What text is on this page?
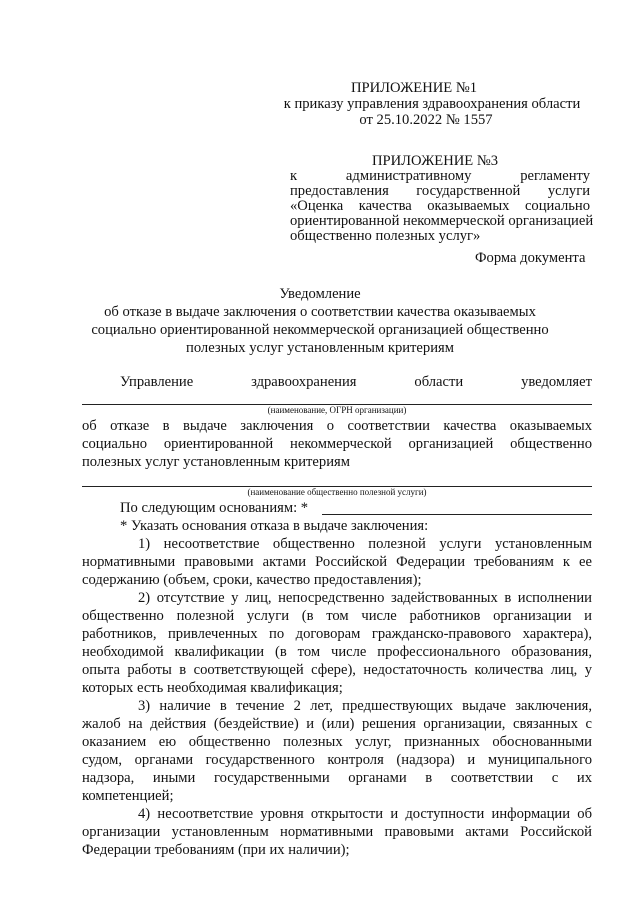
ПРИЛОЖЕНИЕ №1
к приказу управления здравоохранения области
от 25.10.2022 № 1557
ПРИЛОЖЕНИЕ №3
к административному регламенту
предоставления государственной услуги
«Оценка качества оказываемых социально
ориентированной некоммерческой организацией
общественно полезных услуг»
Форма документа
Уведомление
об отказе в выдаче заключения о соответствии качества оказываемых
социально ориентированной некоммерческой организацией общественно
полезных услуг установленным критериям
Управление здравоохранения области уведомляет
(наименование, ОГРН организации)
об отказе в выдаче заключения о соответствии качества оказываемых
социально ориентированной некоммерческой организацией общественно
полезных услуг установленным критериям
(наименование общественно полезной услуги)
По следующим основаниям: *
* Указать основания отказа в выдаче заключения:
1) несоответствие общественно полезной услуги установленным
нормативными правовыми актами Российской Федерации требованиям к ее
содержанию (объем, сроки, качество предоставления);
2) отсутствие у лиц, непосредственно задействованных в исполнении
общественно полезной услуги (в том числе работников организации и
работников, привлеченных по договорам гражданско-правового характера),
необходимой квалификации (в том числе профессионального образования,
опыта работы в соответствующей сфере), недостаточность количества лиц, у
которых есть необходимая квалификация;
3) наличие в течение 2 лет, предшествующих выдаче заключения,
жалоб на действия (бездействие) и (или) решения организации, связанных с
оказанием ею общественно полезных услуг, признанных обоснованными
судом, органами государственного контроля (надзора) и муниципального
надзора, иными государственными органами в соответствии с их
компетенцией;
4) несоответствие уровня открытости и доступности информации об
организации установленным нормативными правовыми актами Российской
Федерации требованиям (при их наличии);
